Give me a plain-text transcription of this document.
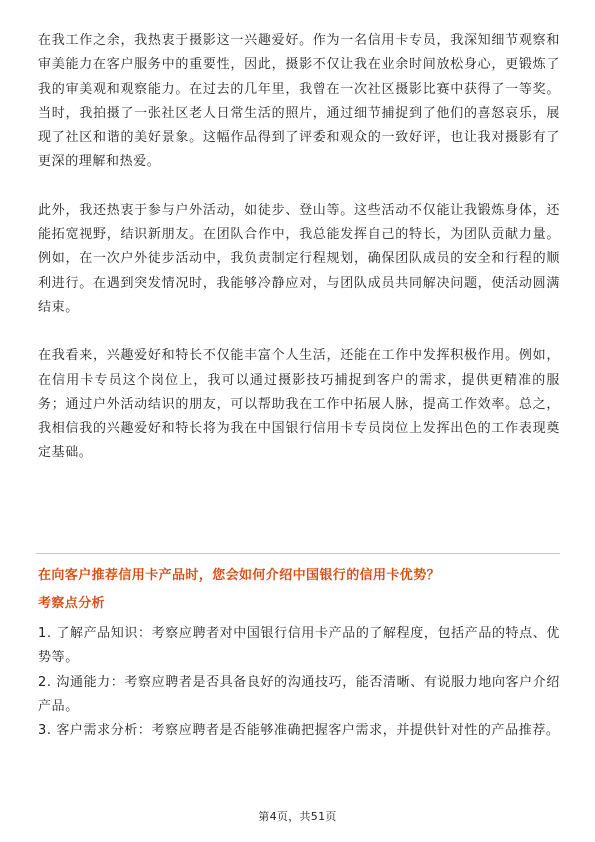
在我工作之余，我热衷于摄影这一兴趣爱好。作为一名信用卡专员，我深知细节观察和审美能力在客户服务中的重要性，因此，摄影不仅让我在业余时间放松身心，更锻炼了我的审美观和观察能力。在过去的几年里，我曾在一次社区摄影比赛中获得了一等奖。当时，我拍摄了一张社区老人日常生活的照片，通过细节捕捉到了他们的喜怒哀乐，展现了社区和谐的美好景象。这幅作品得到了评委和观众的一致好评，也让我对摄影有了更深的理解和热爱。

此外，我还热衷于参与户外活动，如徒步、登山等。这些活动不仅能让我锻炼身体，还能拓宽视野，结识新朋友。在团队合作中，我总能发挥自己的特长，为团队贡献力量。例如，在一次户外徒步活动中，我负责制定行程规划，确保团队成员的安全和行程的顺利进行。在遇到突发情况时，我能够冷静应对，与团队成员共同解决问题，使活动圆满结束。

在我看来，兴趣爱好和特长不仅能丰富个人生活，还能在工作中发挥积极作用。例如，在信用卡专员这个岗位上，我可以通过摄影技巧捕捉到客户的需求，提供更精准的服务；通过户外活动结识的朋友，可以帮助我在工作中拓展人脉，提高工作效率。总之，我相信我的兴趣爱好和特长将为我在中国银行信用卡专员岗位上发挥出色的工作表现奠定基础。

在向客户推荐信用卡产品时，您会如何介绍中国银行的信用卡优势？

考察点分析

1. 了解产品知识：考察应聘者对中国银行信用卡产品的了解程度，包括产品的特点、优势等。

2. 沟通能力：考察应聘者是否具备良好的沟通技巧，能否清晰、有说服力地向客户介绍产品。

3. 客户需求分析：考察应聘者是否能够准确把握客户需求，并提供针对性的产品推荐。

第4页，共51页
